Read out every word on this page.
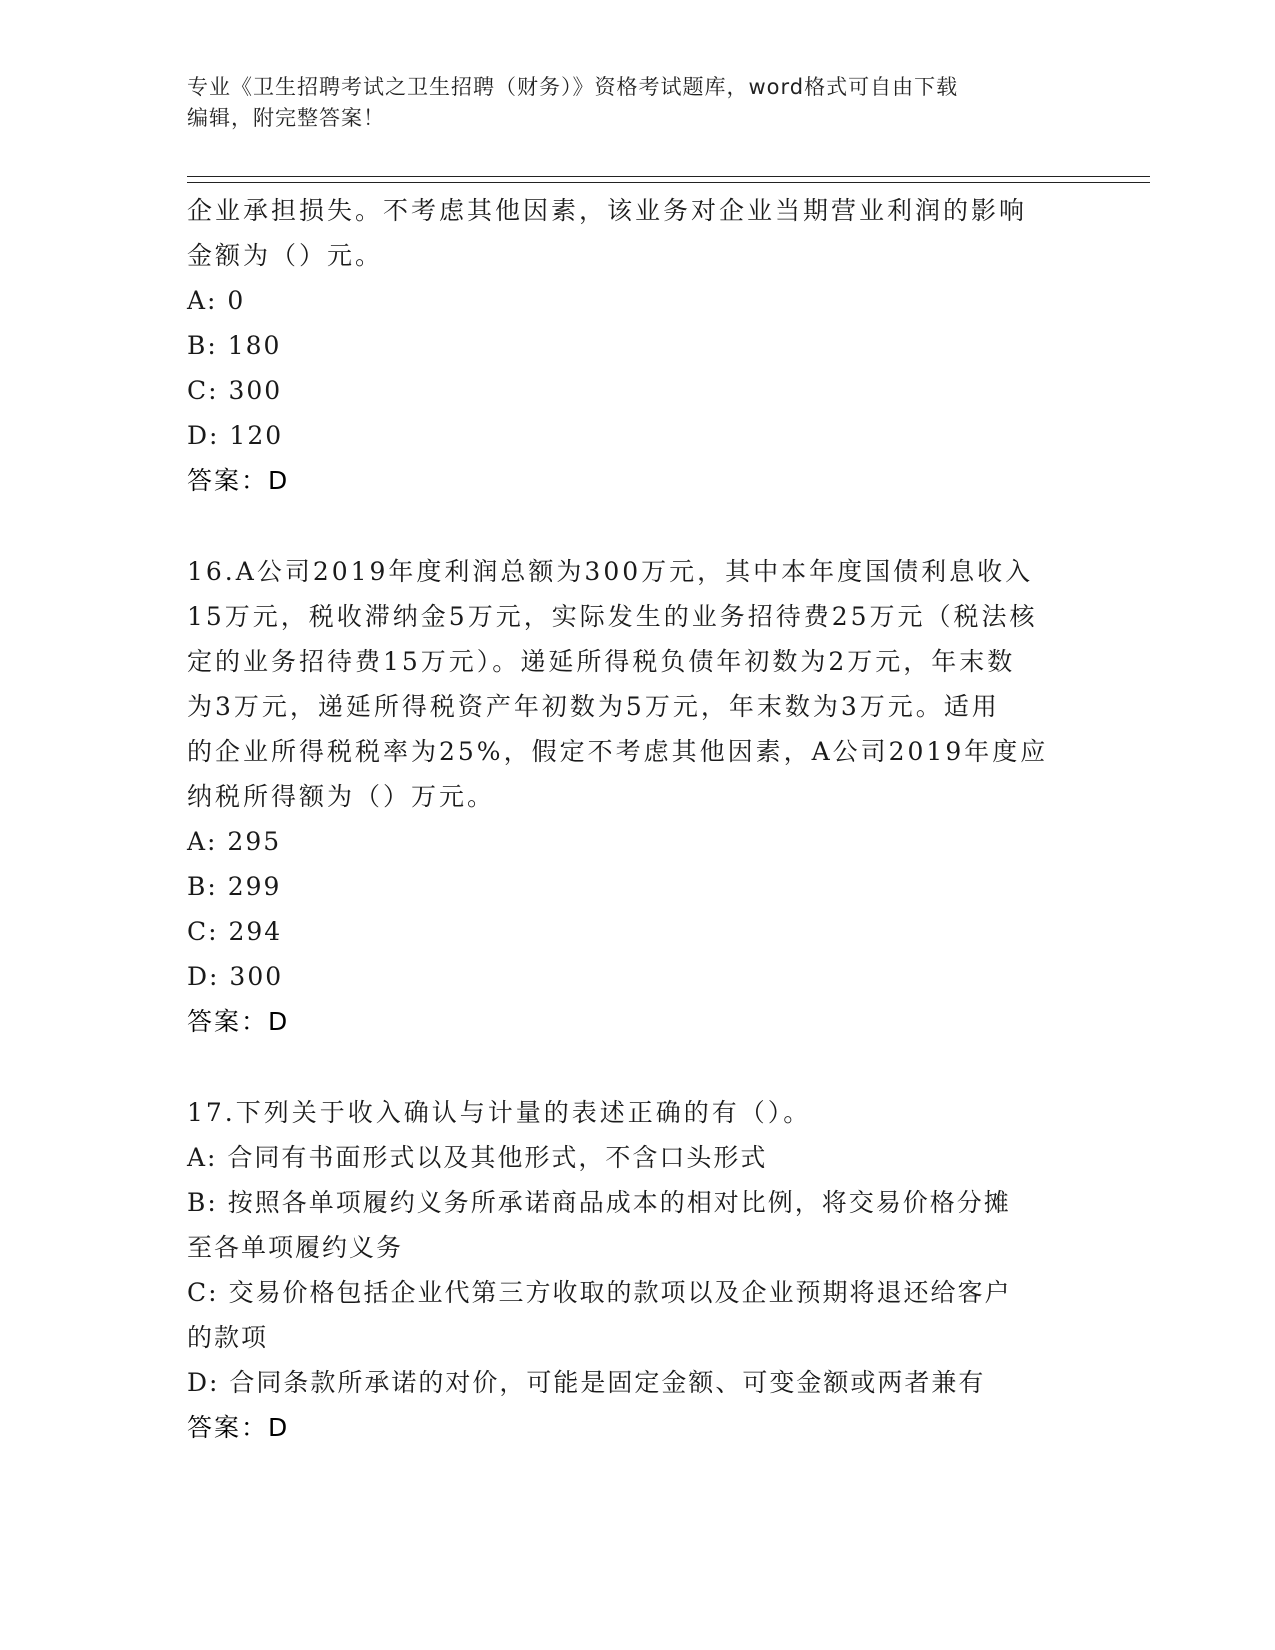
专业《卫生招聘考试之卫生招聘（财务）》资格考试题库，word格式可自由下载
编辑，附完整答案！
企业承担损失。不考虑其他因素，该业务对企业当期营业利润的影响
金额为（）元。
A: 0
B: 180
C: 300
D: 120
答案：D
16.A公司2019年度利润总额为300万元，其中本年度国债利息收入
15万元，税收滞纳金5万元，实际发生的业务招待费25万元（税法核
定的业务招待费15万元）。递延所得税负债年初数为2万元，年末数
为3万元，递延所得税资产年初数为5万元，年末数为3万元。适用
的企业所得税税率为25%，假定不考虑其他因素，A公司2019年度应
纳税所得额为（）万元。
A: 295
B: 299
C: 294
D: 300
答案：D
17.下列关于收入确认与计量的表述正确的有（）。
A: 合同有书面形式以及其他形式，不含口头形式
B: 按照各单项履约义务所承诺商品成本的相对比例，将交易价格分摊
至各单项履约义务
C: 交易价格包括企业代第三方收取的款项以及企业预期将退还给客户
的款项
D: 合同条款所承诺的对价，可能是固定金额、可变金额或两者兼有
答案：D
